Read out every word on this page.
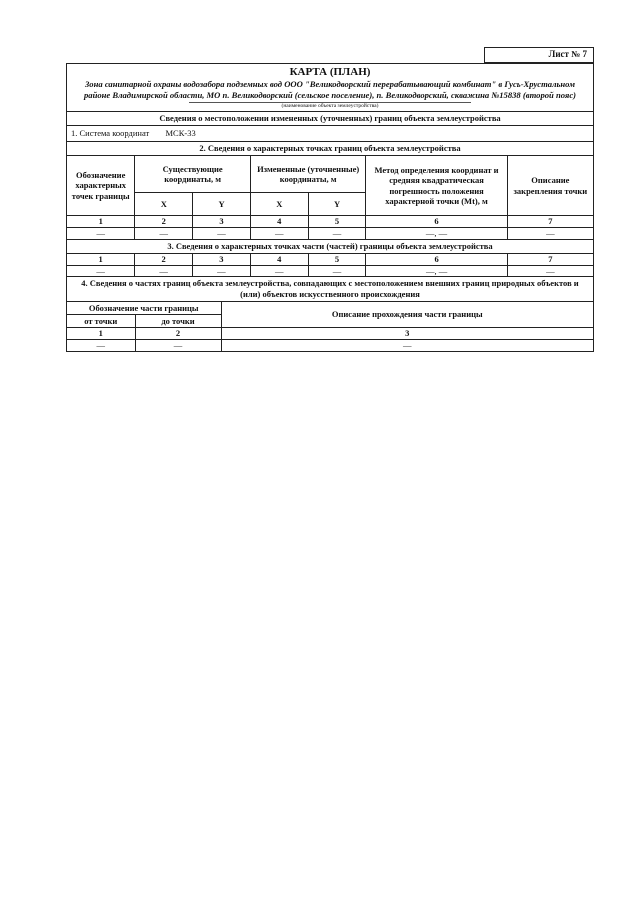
Лист № 7
КАРТА (ПЛАН)
Зона санитарной охраны водозабора подземных вод ООО "Великодворский перерабатывающий комбинат" в Гусь-Хрустальном районе Владимирской области, МО п. Великодворский (сельское поселение), п. Великодворский, скважина №15838 (второй пояс)
(наименование объекта землеустройства)
Сведения о местоположении измененных (уточненных) границ объекта землеустройства
1. Система координат МСК-33
2. Сведения о характерных точках границ объекта землеустройства
Обозначение характерных точек границы	Существующие координаты, м		Измененные (уточненные) координаты, м		Метод определения координат и средняя квадратическая погрешность положения характерной точки (Mt), м	Описание закрепления точки
	X	Y	X	Y		
1	2	3	4	5	6	7
—	—	—	—	—	—, —	—
3. Сведения о характерных точках части (частей) границы объекта землеустройства
1	2	3	4	5	6	7
—	—	—	—	—	—, —	—
4. Сведения о частях границ объекта землеустройства, совпадающих с местоположением внешних границ природных объектов и (или) объектов искусственного происхождения
Обозначение части границы		Описание прохождения части границы
от точки	до точки	
1	2	3
—	—	—
